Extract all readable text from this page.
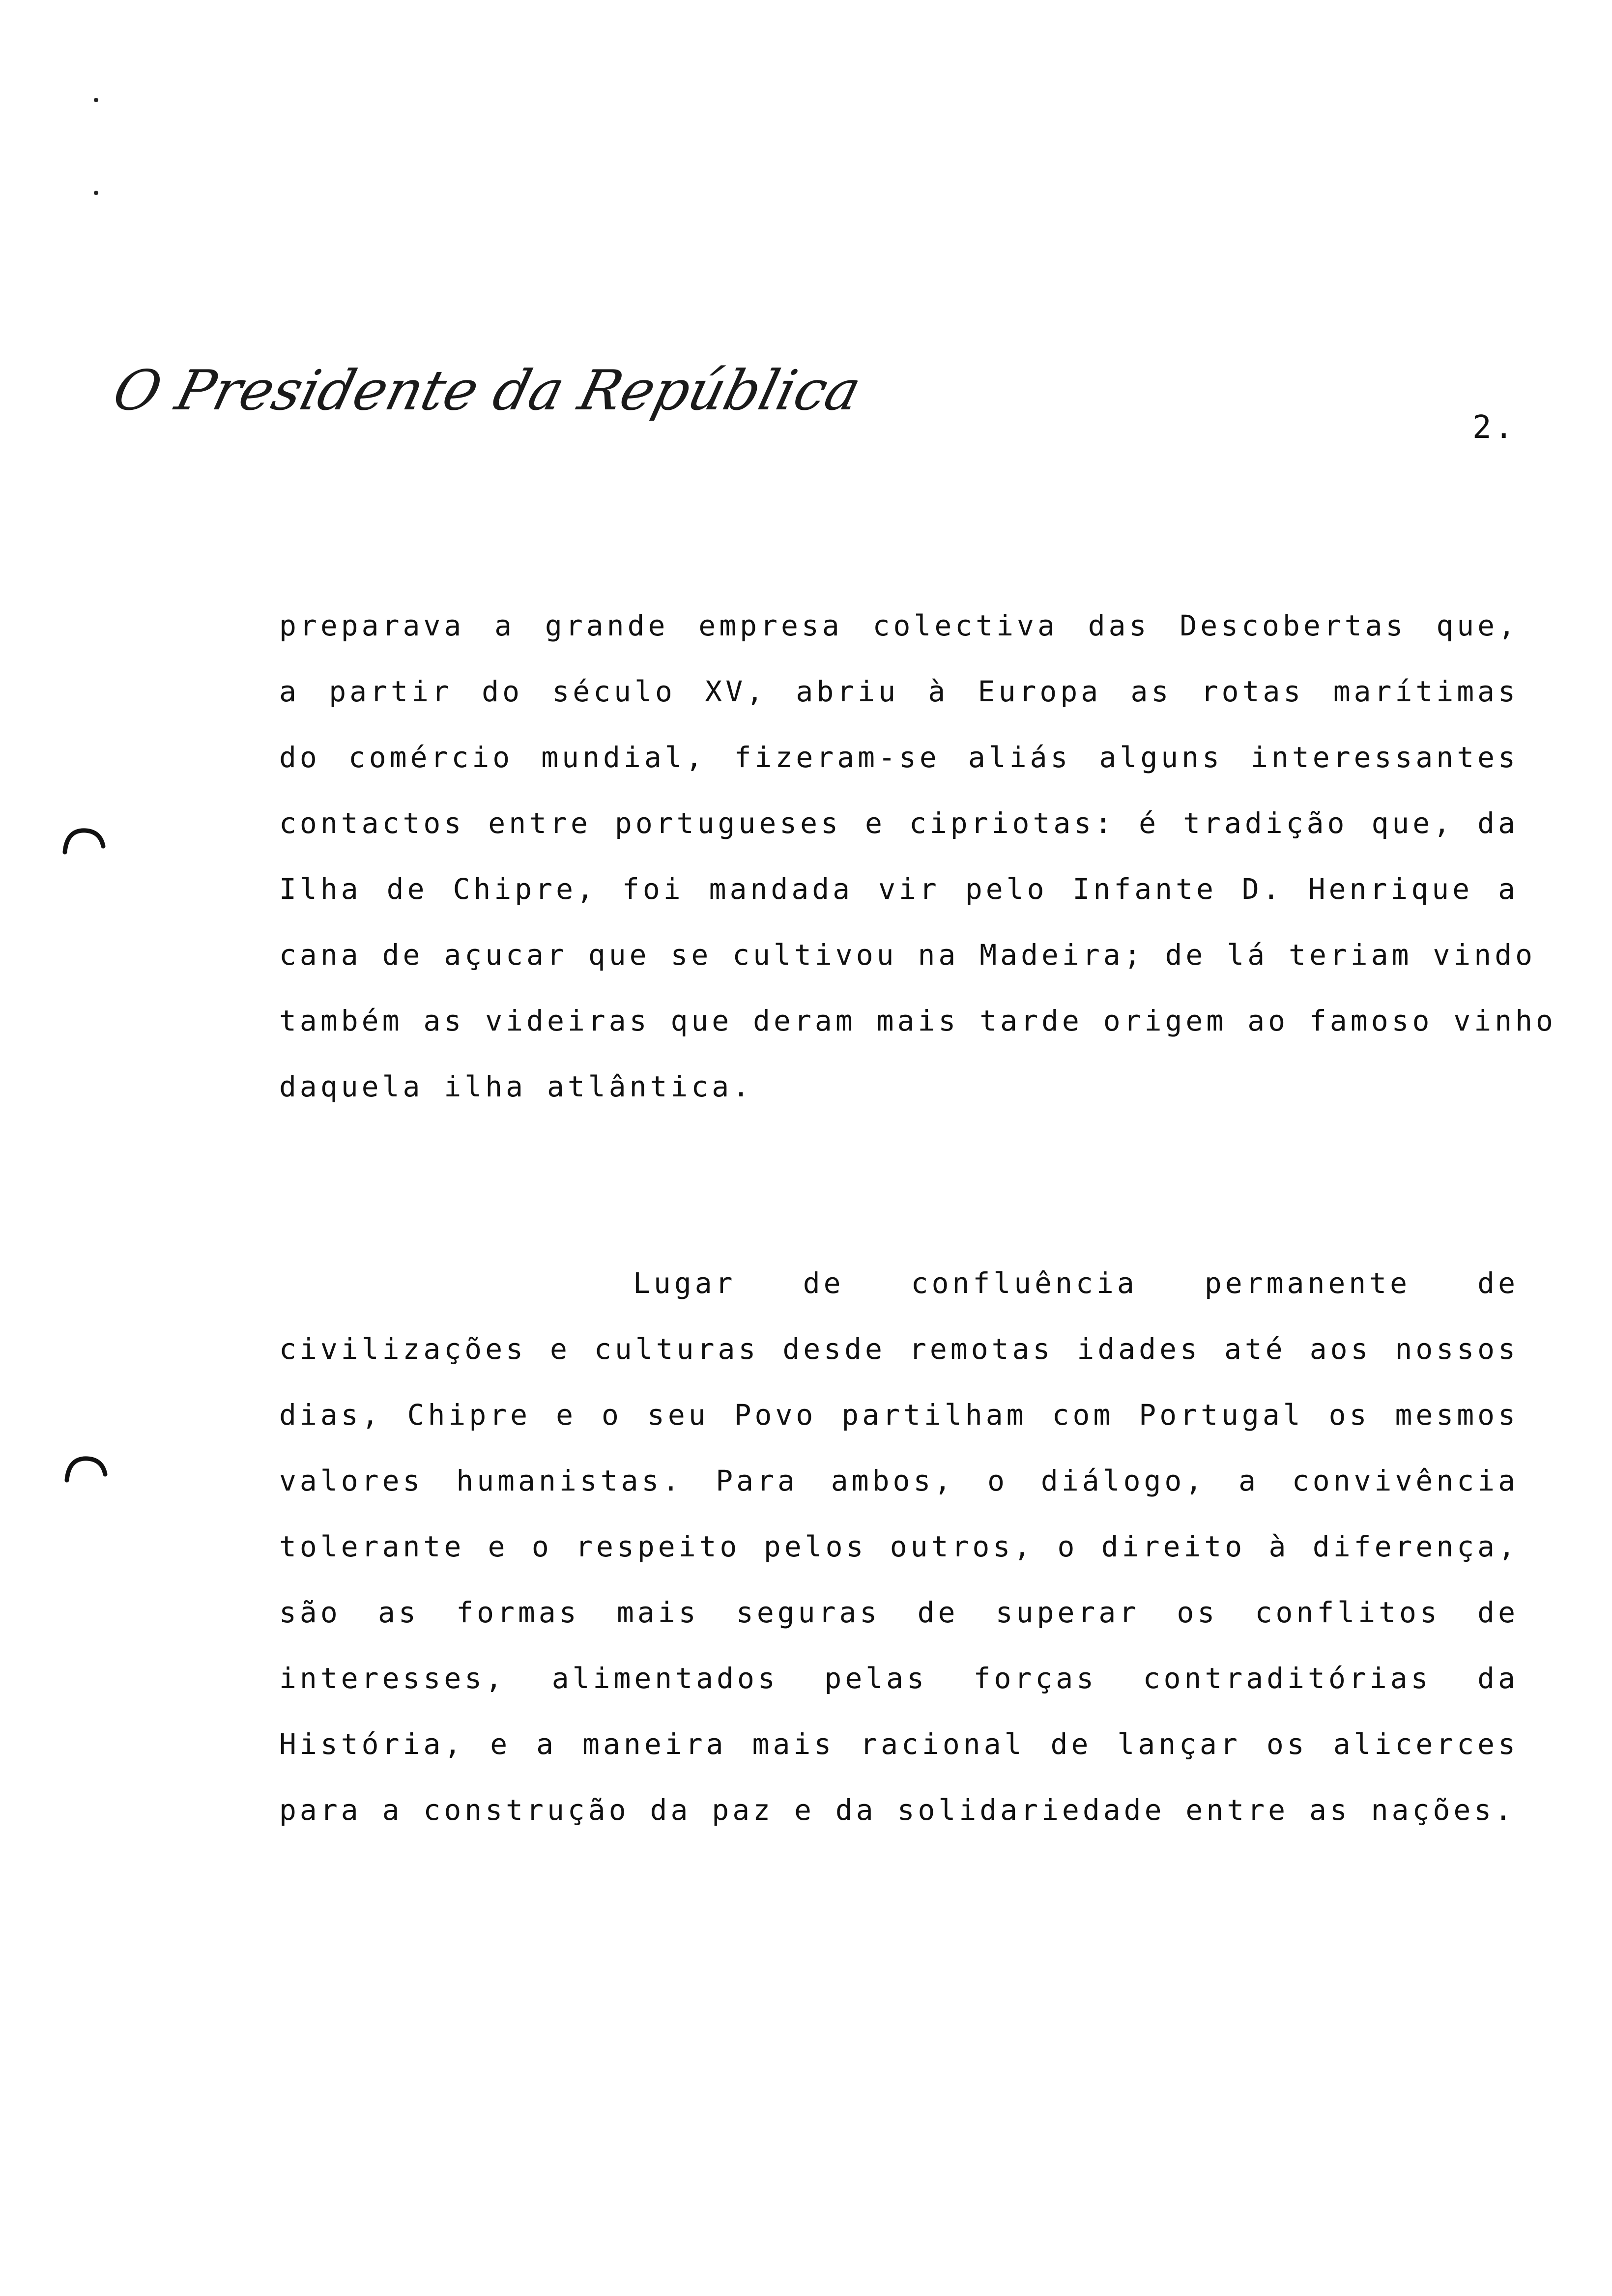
O Presidente da República
2.
preparava a grande empresa colectiva das Descobertas que,
a partir do século XV, abriu à Europa as rotas marítimas
do comércio mundial, fizeram-se aliás alguns interessantes
contactos entre portugueses e cipriotas: é tradição que, da
Ilha de Chipre, foi mandada vir pelo Infante D. Henrique a
cana de açucar que se cultivou na Madeira; de lá teriam vindo
também as videiras que deram mais tarde origem ao famoso vinho
daquela ilha atlântica.
Lugar de confluência permanente de
civilizações e culturas desde remotas idades até aos nossos
dias, Chipre e o seu Povo partilham com Portugal os mesmos
valores humanistas. Para ambos, o diálogo, a convivência
tolerante e o respeito pelos outros, o direito à diferença,
são as formas mais seguras de superar os conflitos de
interesses, alimentados pelas forças contraditórias da
História, e a maneira mais racional de lançar os alicerces
para a construção da paz e da solidariedade entre as nações.
